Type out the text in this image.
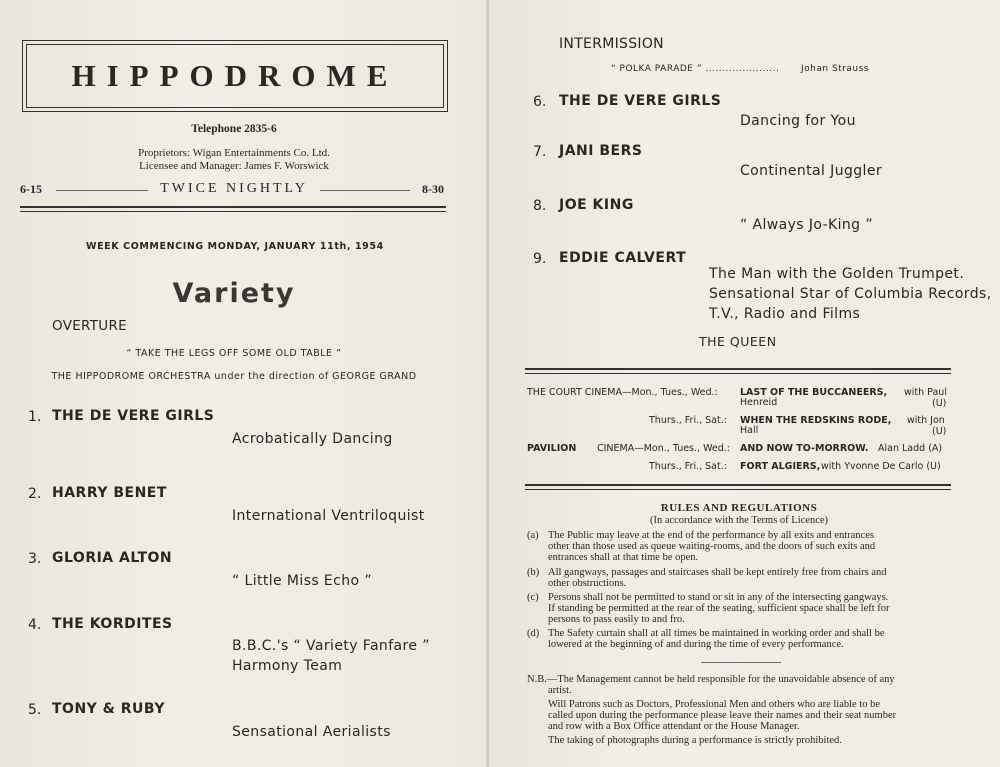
HIPPODROME
Telephone 2835-6
Proprietors: Wigan Entertainments Co. Ltd.
Licensee and Manager: James F. Worswick
6-15	TWICE NIGHTLY	8-30
WEEK COMMENCING MONDAY, JANUARY 11th, 1954
Variety
OVERTURE
“ TAKE THE LEGS OFF SOME OLD TABLE ”
THE HIPPODROME ORCHESTRA under the direction of GEORGE GRAND
1. THE DE VERE GIRLS
Acrobatically Dancing
2. HARRY BENET
International Ventriloquist
3. GLORIA ALTON
“ Little Miss Echo ”
4. THE KORDITES
B.B.C.'s “ Variety Fanfare ”
Harmony Team
5. TONY & RUBY
Sensational Aerialists
INTERMISSION
“ POLKA PARADE ” ...................... Johan Strauss
6. THE DE VERE GIRLS
Dancing for You
7. JANI BERS
Continental Juggler
8. JOE KING
“ Always Jo-King ”
9. EDDIE CALVERT
The Man with the Golden Trumpet.
Sensational Star of Columbia Records,
T.V., Radio and Films
THE QUEEN
THE COURT CINEMA—Mon., Tues., Wed.: LAST OF THE BUCCANEERS, with Paul
Henreid	(U)
Thurs., Fri., Sat.: WHEN THE REDSKINS RODE, with Jon
Hall	(U)
PAVILION CINEMA—Mon., Tues., Wed.: AND NOW TO-MORROW. Alan Ladd (A)
Thurs., Fri., Sat.: FORT ALGIERS, with Yvonne De Carlo (U)
RULES AND REGULATIONS
(In accordance with the Terms of Licence)
(a) The Public may leave at the end of the performance by all exits and entrances
other than those used as queue waiting-rooms, and the doors of such exits and
entrances shall at that time be open.
(b) All gangways, passages and staircases shall be kept entirely free from chairs and
other obstructions.
(c) Persons shall not be permitted to stand or sit in any of the intersecting gangways.
If standing be permitted at the rear of the seating, sufficient space shall be left for
persons to pass easily to and fro.
(d) The Safety curtain shall at all times be maintained in working order and shall be
lowered at the beginning of and during the time of every performance.
N.B.—The Management cannot be held responsible for the unavoidable absence of any
artist.
Will Patrons such as Doctors, Professional Men and others who are liable to be
called upon during the performance please leave their names and their seat number
and row with a Box Office attendant or the House Manager.
The taking of photographs during a performance is strictly prohibited.
